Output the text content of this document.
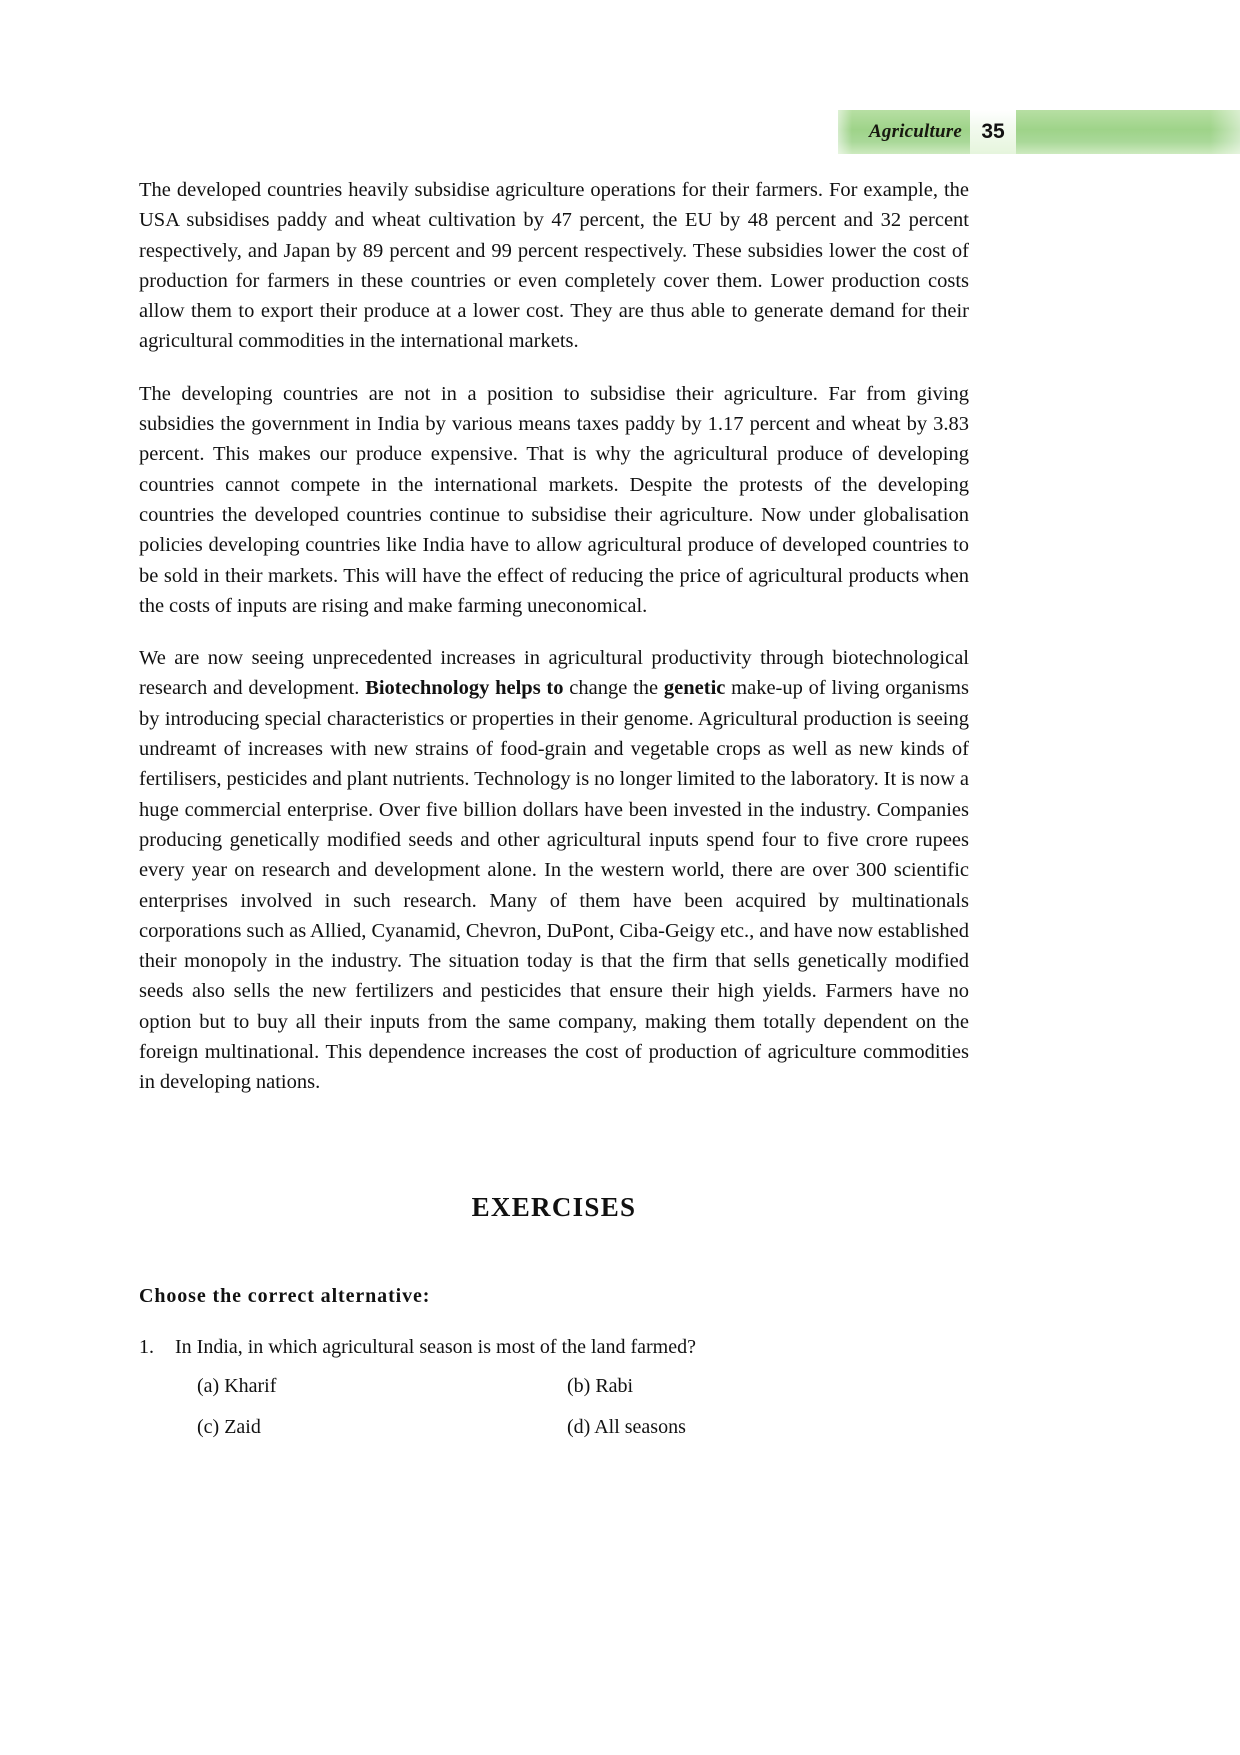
Agriculture 35

The developed countries heavily subsidise agriculture operations for their farmers. For example, the USA subsidises paddy and wheat cultivation by 47 percent, the EU by 48 percent and 32 percent respectively, and Japan by 89 percent and 99 percent respectively. These subsidies lower the cost of production for farmers in these countries or even completely cover them. Lower production costs allow them to export their produce at a lower cost. They are thus able to generate demand for their agricultural commodities in the international markets.

The developing countries are not in a position to subsidise their agriculture. Far from giving subsidies the government in India by various means taxes paddy by 1.17 percent and wheat by 3.83 percent. This makes our produce expensive. That is why the agricultural produce of developing countries cannot compete in the international markets. Despite the protests of the developing countries the developed countries continue to subsidise their agriculture. Now under globalisation policies developing countries like India have to allow agricultural produce of developed countries to be sold in their markets. This will have the effect of reducing the price of agricultural products when the costs of inputs are rising and make farming uneconomical.

We are now seeing unprecedented increases in agricultural productivity through biotechnological research and development. Biotechnology helps to change the genetic make-up of living organisms by introducing special characteristics or properties in their genome. Agricultural production is seeing undreamt of increases with new strains of food-grain and vegetable crops as well as new kinds of fertilisers, pesticides and plant nutrients. Technology is no longer limited to the laboratory. It is now a huge commercial enterprise. Over five billion dollars have been invested in the industry. Companies producing genetically modified seeds and other agricultural inputs spend four to five crore rupees every year on research and development alone. In the western world, there are over 300 scientific enterprises involved in such research. Many of them have been acquired by multinationals corporations such as Allied, Cyanamid, Chevron, DuPont, Ciba-Geigy etc., and have now established their monopoly in the industry. The situation today is that the firm that sells genetically modified seeds also sells the new fertilizers and pesticides that ensure their high yields. Farmers have no option but to buy all their inputs from the same company, making them totally dependent on the foreign multinational. This dependence increases the cost of production of agriculture commodities in developing nations.

EXERCISES

Choose the correct alternative:

1.	In India, in which agricultural season is most of the land farmed?
(a) Kharif	(b) Rabi
(c) Zaid	(d) All seasons
